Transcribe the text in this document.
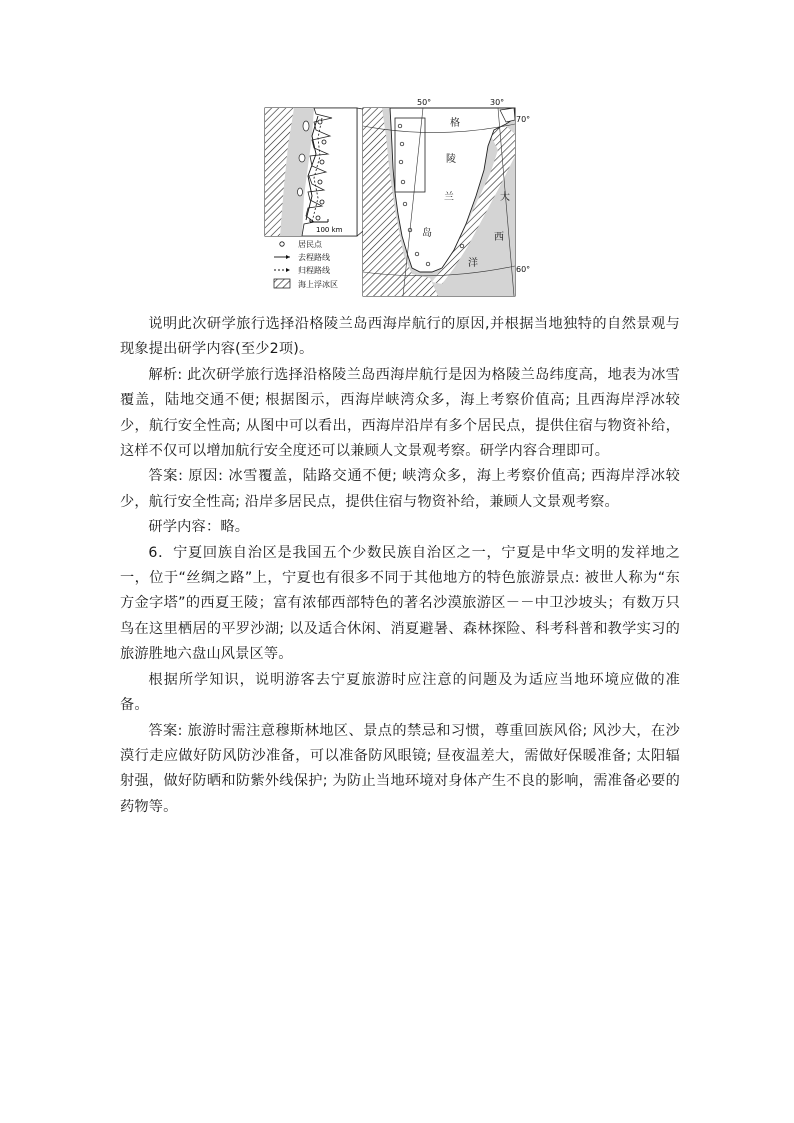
100 km
居民点
去程路线
归程路线
海上浮冰区
50°	30°
70°
60°
格
陵
兰
岛
大
西
洋

说明此次研学旅行选择沿格陵兰岛西海岸航行的原因,并根据当地独特的自然景观与现象提出研学内容(至少2项)。

解析: 此次研学旅行选择沿格陵兰岛西海岸航行是因为格陵兰岛纬度高，地表为冰雪覆盖，陆地交通不便; 根据图示，西海岸峡湾众多，海上考察价值高; 且西海岸浮冰较少，航行安全性高; 从图中可以看出，西海岸沿岸有多个居民点，提供住宿与物资补给，这样不仅可以增加航行安全度还可以兼顾人文景观考察。研学内容合理即可。

答案: 原因: 冰雪覆盖，陆路交通不便; 峡湾众多，海上考察价值高; 西海岸浮冰较少，航行安全性高; 沿岸多居民点，提供住宿与物资补给，兼顾人文景观考察。

研学内容：略。

6．宁夏回族自治区是我国五个少数民族自治区之一，宁夏是中华文明的发祥地之一，位于“丝绸之路”上，宁夏也有很多不同于其他地方的特色旅游景点: 被世人称为“东方金字塔”的西夏王陵；富有浓郁西部特色的著名沙漠旅游区－－中卫沙坡头；有数万只鸟在这里栖居的平罗沙湖; 以及适合休闲、消夏避暑、森林探险、科考科普和教学实习的旅游胜地六盘山风景区等。

根据所学知识，说明游客去宁夏旅游时应注意的问题及为适应当地环境应做的准备。

答案: 旅游时需注意穆斯林地区、景点的禁忌和习惯，尊重回族风俗; 风沙大，在沙漠行走应做好防风防沙准备，可以准备防风眼镜; 昼夜温差大，需做好保暖准备; 太阳辐射强，做好防晒和防紫外线保护; 为防止当地环境对身体产生不良的影响，需准备必要的药物等。
